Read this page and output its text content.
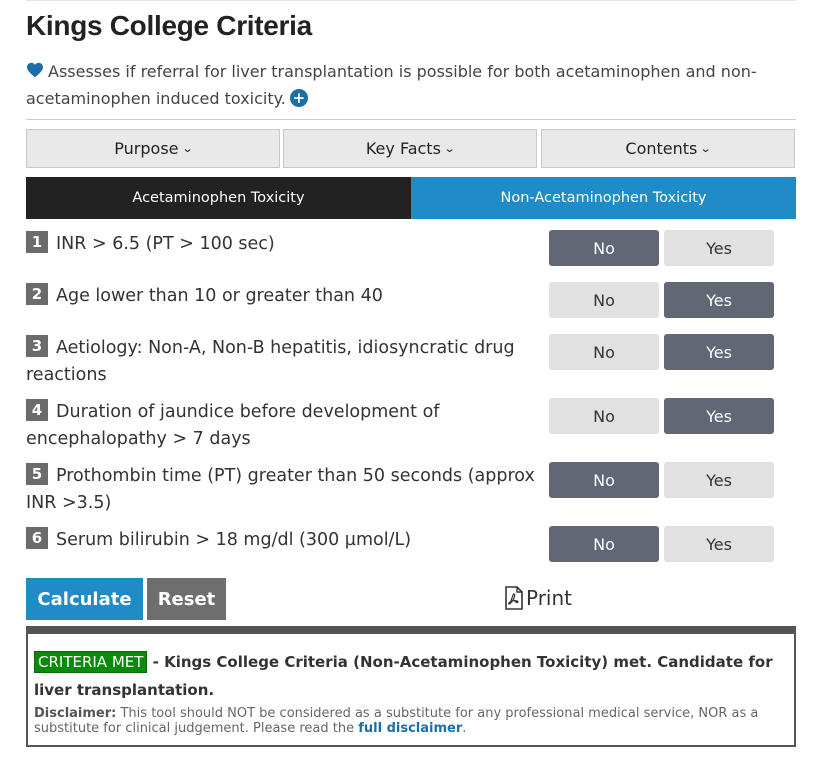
Kings College Criteria

Assesses if referral for liver transplantation is possible for both acetaminophen and non-acetaminophen induced toxicity. +

Purpose ⌄	Key Facts ⌄	Contents ⌄
Acetaminophen Toxicity	Non-Acetaminophen Toxicity
1 INR > 6.5 (PT > 100 sec)	No	Yes
2 Age lower than 10 or greater than 40	No	Yes
3 Aetiology: Non-A, Non-B hepatitis, idiosyncratic drug reactions
No	Yes
4 Duration of jaundice before development of encephalopathy > 7 days
No	Yes
5 Prothombin time (PT) greater than 50 seconds (approx INR >3.5)
No	Yes
6 Serum bilirubin > 18 mg/dl (300 µmol/L)	No	Yes
Calculate	Reset	Print
CRITERIA MET - Kings College Criteria (Non-Acetaminophen Toxicity) met. Candidate for liver transplantation.
Disclaimer: This tool should NOT be considered as a substitute for any professional medical service, NOR as a substitute for clinical judgement. Please read the full disclaimer.
